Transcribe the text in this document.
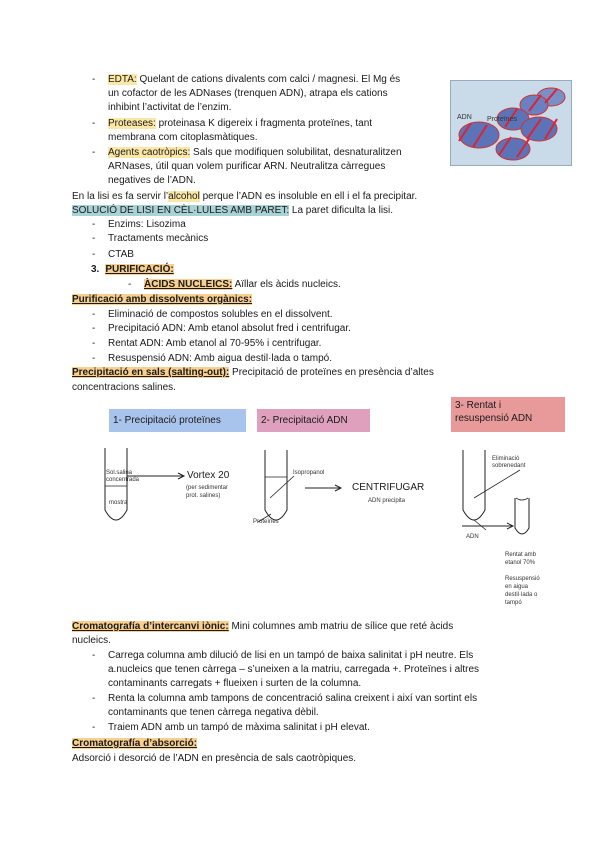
-	EDTA: Quelant de cations divalents com calci / magnesi. El Mg és
un cofactor de les ADNases (trenquen ADN), atrapa els cations
inhibint l’activitat de l’enzim.
-	Proteases: proteinasa K digereix i fragmenta proteïnes, tant
membrana com citoplasmàtiques.
-	Agents caotròpics: Sals que modifiquen solubilitat, desnaturalitzen
ARNases, útil quan volem purificar ARN. Neutralitza càrregues
negatives de l’ADN.
ADN Proteïnes
En la lisi es fa servir l’alcohol perque l’ADN es insoluble en ell i el fa precipitar.
SOLUCIÓ DE LISI EN CÈL·LULES AMB PARET: La paret dificulta la lisi.
-	Enzims: Lisozima
-	Tractaments mecànics
-	CTAB
3. PURIFICACIÓ:
-	ÀCIDS NUCLEICS: Aïllar els àcids nucleics.
Purificació amb dissolvents orgànics:
-	Eliminació de compostos solubles en el dissolvent.
-	Precipitació ADN: Amb etanol absolut fred i centrifugar.
-	Rentat ADN: Amb etanol al 70-95% i centrifugar.
-	Resuspensió ADN: Amb aigua destil·lada o tampó.
Precipitació en sals (salting-out): Precipitació de proteïnes en presència d’altes
concentracions salines.
1- Precipitació proteïnes	2- Precipitació ADN
3- Rentat i
resuspensió ADN
Sol.salina
concentrada
mostra
Vortex 20
(per sedimentar
prot. salines)
Isopropanol
Proteïnes
CENTRIFUGAR
ADN precipita
Eliminació
sobrenedant
ADN
Rentat amb
etanol 70%
Resuspensió
en aigua
destil·lada o
tampó
Cromatografía d’intercanvi iònic: Mini columnes amb matriu de sílice que reté àcids
nucleics.
-	Carrega columna amb dilució de lisi en un tampó de baixa salinitat i pH neutre. Els
a.nucleics que tenen càrrega – s’uneixen a la matriu, carregada +. Proteïnes i altres
contaminants carregats + flueixen i surten de la columna.
-	Renta la columna amb tampons de concentració salina creixent i així van sortint els
contaminants que tenen càrrega negativa dèbil.
-	Traiem ADN amb un tampó de màxima salinitat i pH elevat.
Cromatografía d’absorció:
Adsorció i desorció de l’ADN en presència de sals caotròpiques.
